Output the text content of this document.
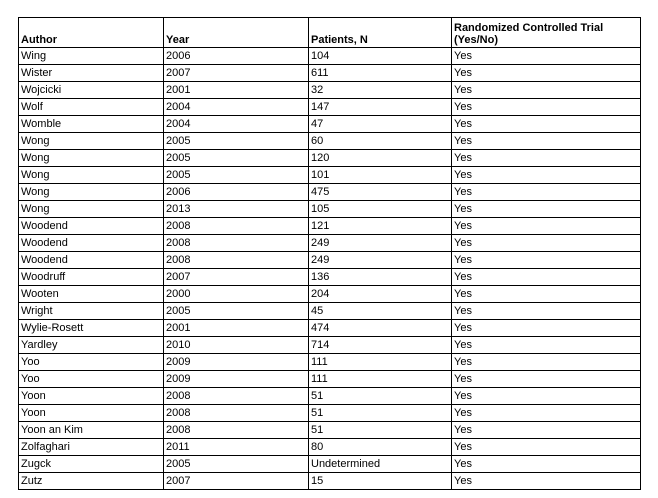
Author	Year	Patients, N	Randomized Controlled Trial (Yes/No)
Wing	2006	104	Yes
Wister	2007	611	Yes
Wojcicki	2001	32	Yes
Wolf	2004	147	Yes
Womble	2004	47	Yes
Wong	2005	60	Yes
Wong	2005	120	Yes
Wong	2005	101	Yes
Wong	2006	475	Yes
Wong	2013	105	Yes
Woodend	2008	121	Yes
Woodend	2008	249	Yes
Woodend	2008	249	Yes
Woodruff	2007	136	Yes
Wooten	2000	204	Yes
Wright	2005	45	Yes
Wylie-Rosett	2001	474	Yes
Yardley	2010	714	Yes
Yoo	2009	111	Yes
Yoo	2009	111	Yes
Yoon	2008	51	Yes
Yoon	2008	51	Yes
Yoon an Kim	2008	51	Yes
Zolfaghari	2011	80	Yes
Zugck	2005	Undetermined	Yes
Zutz	2007	15	Yes
